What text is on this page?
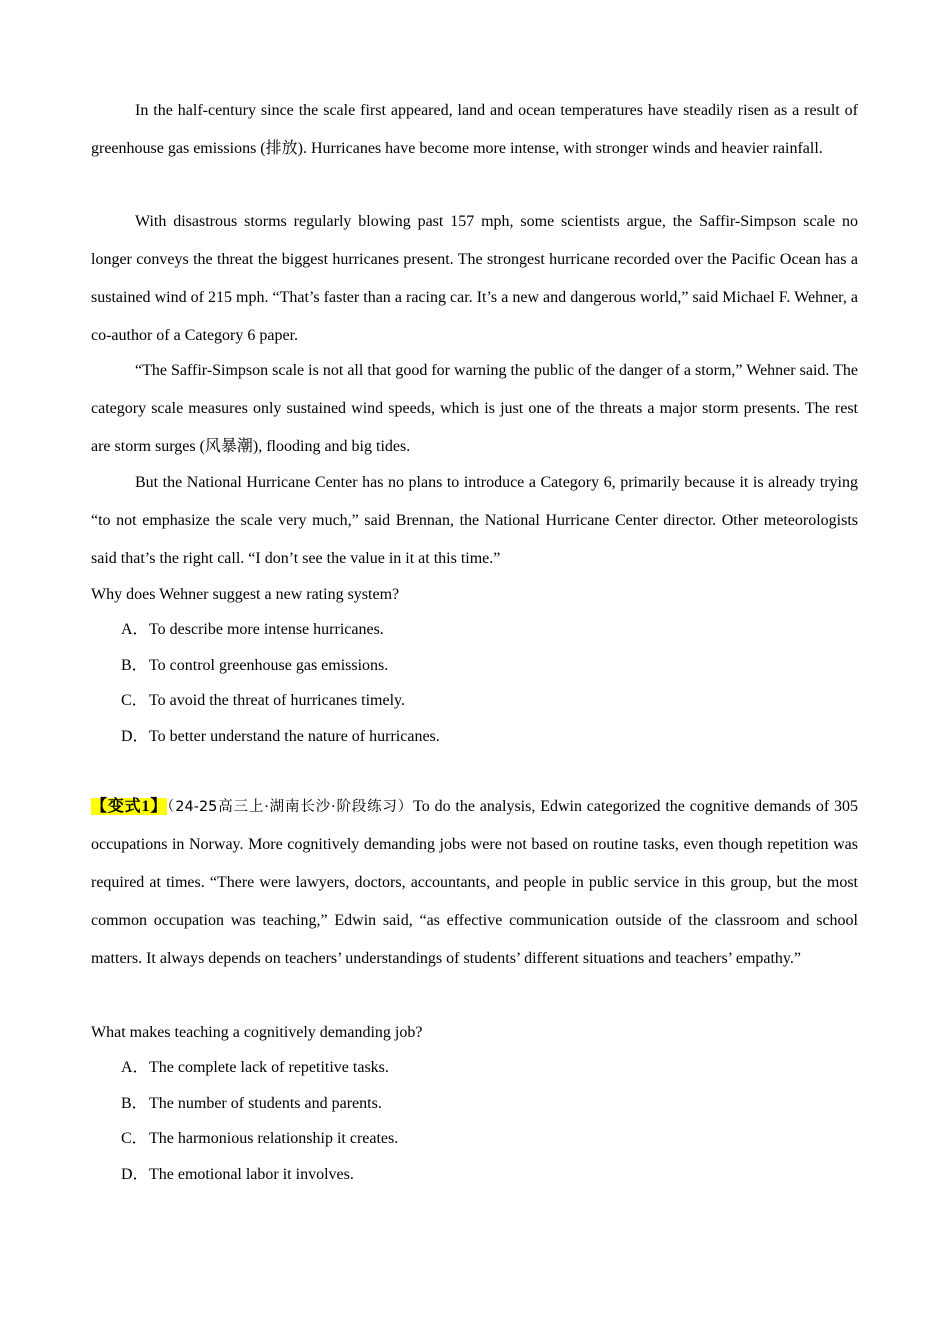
In the half-century since the scale first appeared, land and ocean temperatures have steadily risen as a result of greenhouse gas emissions (排放). Hurricanes have become more intense, with stronger winds and heavier rainfall.

With disastrous storms regularly blowing past 157 mph, some scientists argue, the Saffir-Simpson scale no longer conveys the threat the biggest hurricanes present. The strongest hurricane recorded over the Pacific Ocean has a sustained wind of 215 mph. “That’s faster than a racing car. It’s a new and dangerous world,” said Michael F. Wehner, a co-author of a Category 6 paper.

“The Saffir-Simpson scale is not all that good for warning the public of the danger of a storm,” Wehner said. The category scale measures only sustained wind speeds, which is just one of the threats a major storm presents. The rest are storm surges (风暴潮), flooding and big tides.

But the National Hurricane Center has no plans to introduce a Category 6, primarily because it is already trying “to not emphasize the scale very much,” said Brennan, the National Hurricane Center director. Other meteorologists said that’s the right call. “I don’t see the value in it at this time.”

Why does Wehner suggest a new rating system?

A．To describe more intense hurricanes.

B．To control greenhouse gas emissions.

C．To avoid the threat of hurricanes timely.

D．To better understand the nature of hurricanes.

【变式1】（24-25高三上·湖南长沙·阶段练习）To do the analysis, Edwin categorized the cognitive demands of 305 occupations in Norway. More cognitively demanding jobs were not based on routine tasks, even though repetition was required at times. “There were lawyers, doctors, accountants, and people in public service in this group, but the most common occupation was teaching,” Edwin said, “as effective communication outside of the classroom and school matters. It always depends on teachers’ understandings of students’ different situations and teachers’ empathy.”

What makes teaching a cognitively demanding job?

A．The complete lack of repetitive tasks.

B．The number of students and parents.

C．The harmonious relationship it creates.

D．The emotional labor it involves.
